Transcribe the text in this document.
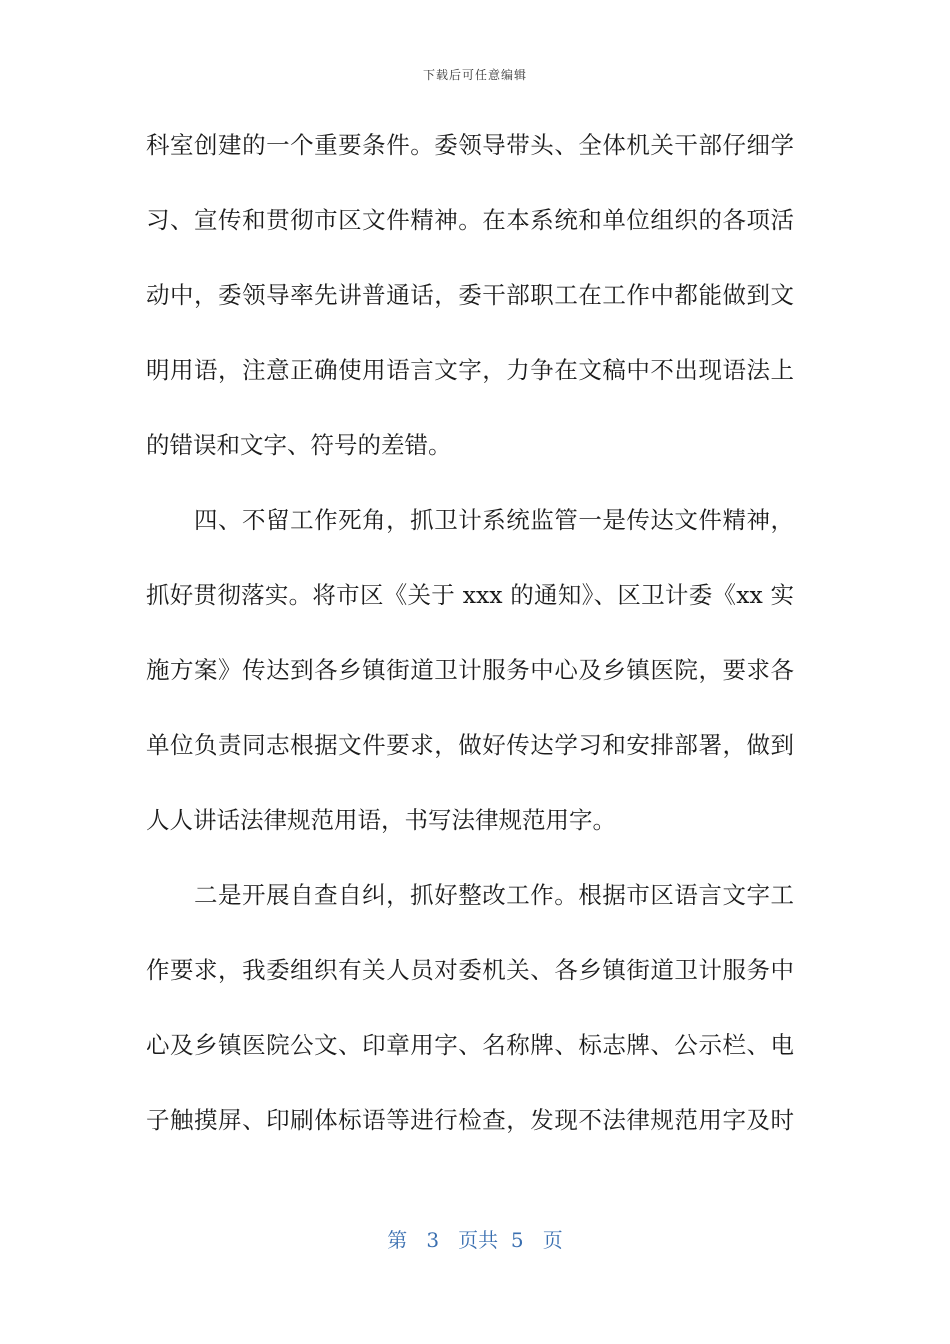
下载后可任意编辑
科室创建的一个重要条件。委领导带头、全体机关干部仔细学
习、宣传和贯彻市区文件精神。在本系统和单位组织的各项活
动中，委领导率先讲普通话，委干部职工在工作中都能做到文
明用语，注意正确使用语言文字，力争在文稿中不出现语法上
的错误和文字、符号的差错。
四、不留工作死角，抓卫计系统监管一是传达文件精神，
抓好贯彻落实。将市区《关于 xxx 的通知》、区卫计委《xx 实
施方案》传达到各乡镇街道卫计服务中心及乡镇医院，要求各
单位负责同志根据文件要求，做好传达学习和安排部署，做到
人人讲话法律规范用语，书写法律规范用字。
二是开展自查自纠，抓好整改工作。根据市区语言文字工
作要求，我委组织有关人员对委机关、各乡镇街道卫计服务中
心及乡镇医院公文、印章用字、名称牌、标志牌、公示栏、电
子触摸屏、印刷体标语等进行检查，发现不法律规范用字及时
第 3 页共 5 页
